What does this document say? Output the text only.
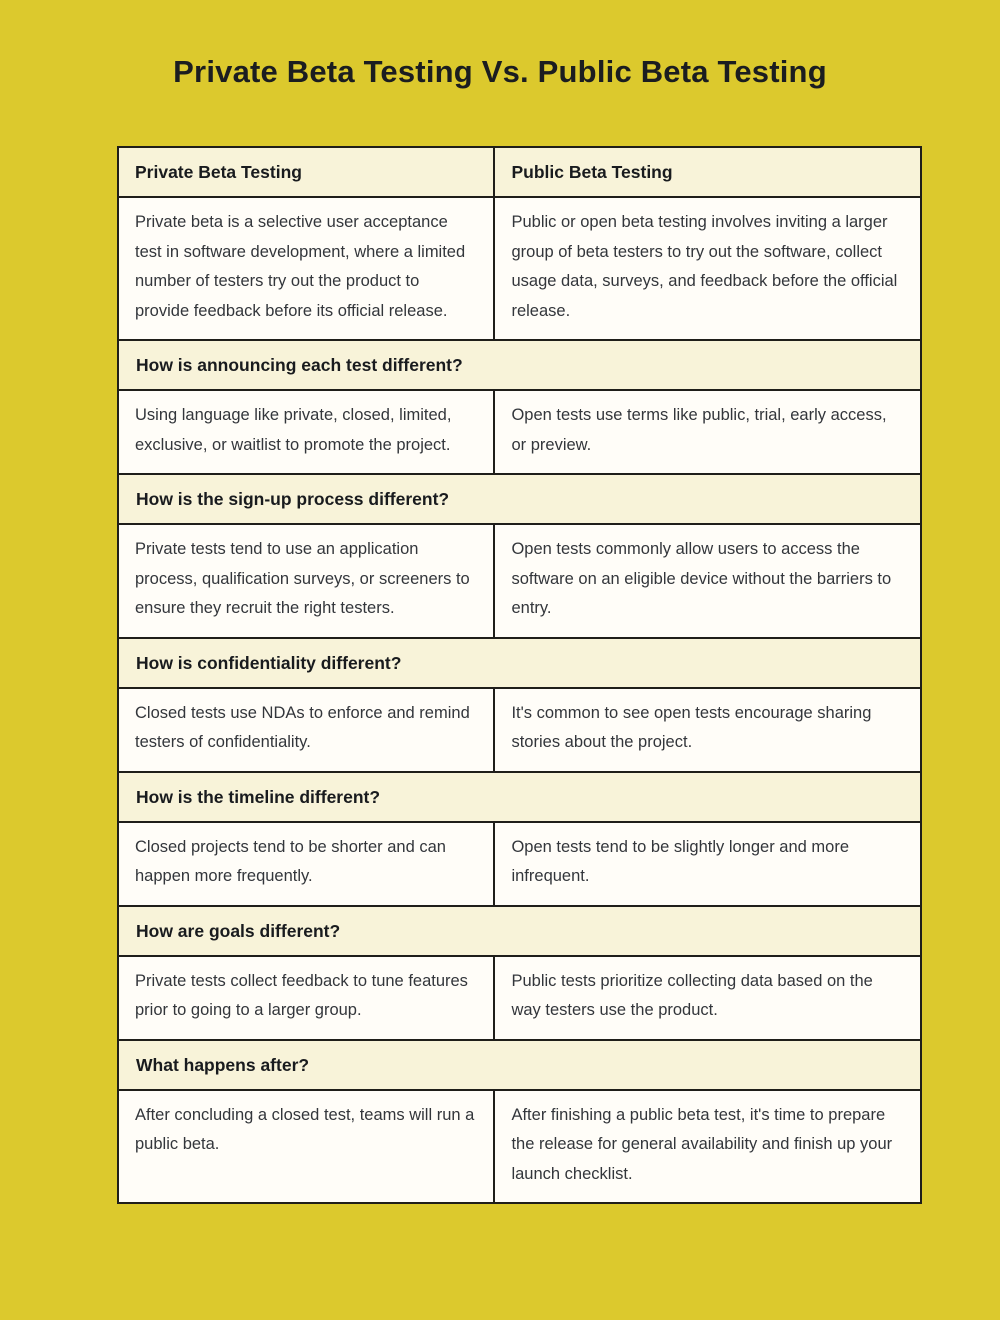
Private Beta Testing Vs. Public Beta Testing
Private Beta Testing	Public Beta Testing
Private beta is a selective user acceptance test in software development, where a limited number of testers try out the product to provide feedback before its official release.
Public or open beta testing involves inviting a larger group of beta testers to try out the software, collect usage data, surveys, and feedback before the official release.
How is announcing each test different?
Using language like private, closed, limited, exclusive, or waitlist to promote the project.
Open tests use terms like public, trial, early access, or preview.
How is the sign-up process different?
Private tests tend to use an application process, qualification surveys, or screeners to ensure they recruit the right testers.
Open tests commonly allow users to access the software on an eligible device without the barriers to entry.
How is confidentiality different?
Closed tests use NDAs to enforce and remind testers of confidentiality.
It's common to see open tests encourage sharing stories about the project.
How is the timeline different?
Closed projects tend to be shorter and can happen more frequently.
Open tests tend to be slightly longer and more infrequent.
How are goals different?
Private tests collect feedback to tune features prior to going to a larger group.
Public tests prioritize collecting data based on the way testers use the product.
What happens after?
After concluding a closed test, teams will run a public beta.
After finishing a public beta test, it's time to prepare the release for general availability and finish up your launch checklist.
